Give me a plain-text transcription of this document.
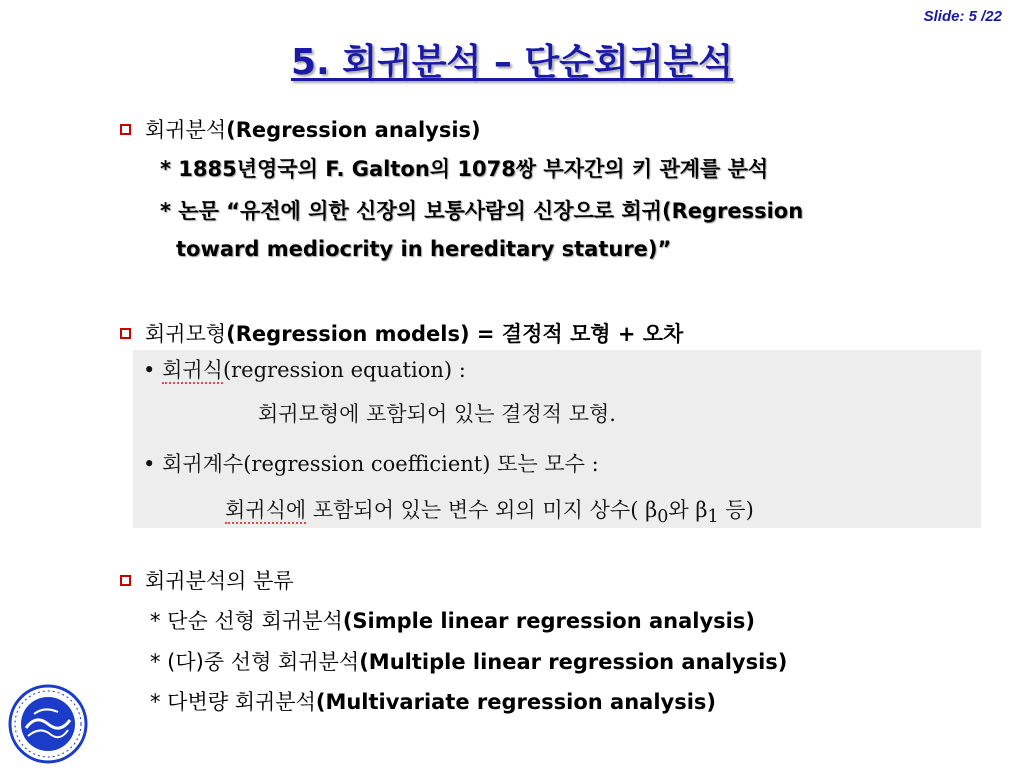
Slide: 5 /22
5. 회귀분석 – 단순회귀분석
회귀분석(Regression analysis)
* 1885년영국의 F. Galton의 1078쌍 부자간의 키 관계를 분석
* 논문 “유전에 의한 신장의 보통사람의 신장으로 회귀(Regression
toward mediocrity in hereditary stature)”
회귀모형(Regression models) = 결정적 모형 + 오차
• 회귀식(regression equation) :
회귀모형에 포함되어 있는 결정적 모형.
• 회귀계수(regression coefficient) 또는 모수 :
회귀식에 포함되어 있는 변수 외의 미지 상수( $\beta_0$와 $\beta_1$ 등)
회귀분석의 분류
* 단순 선형 회귀분석(Simple linear regression analysis)
* (다)중 선형 회귀분석(Multiple linear regression analysis)
* 다변량 회귀분석(Multivariate regression analysis)
